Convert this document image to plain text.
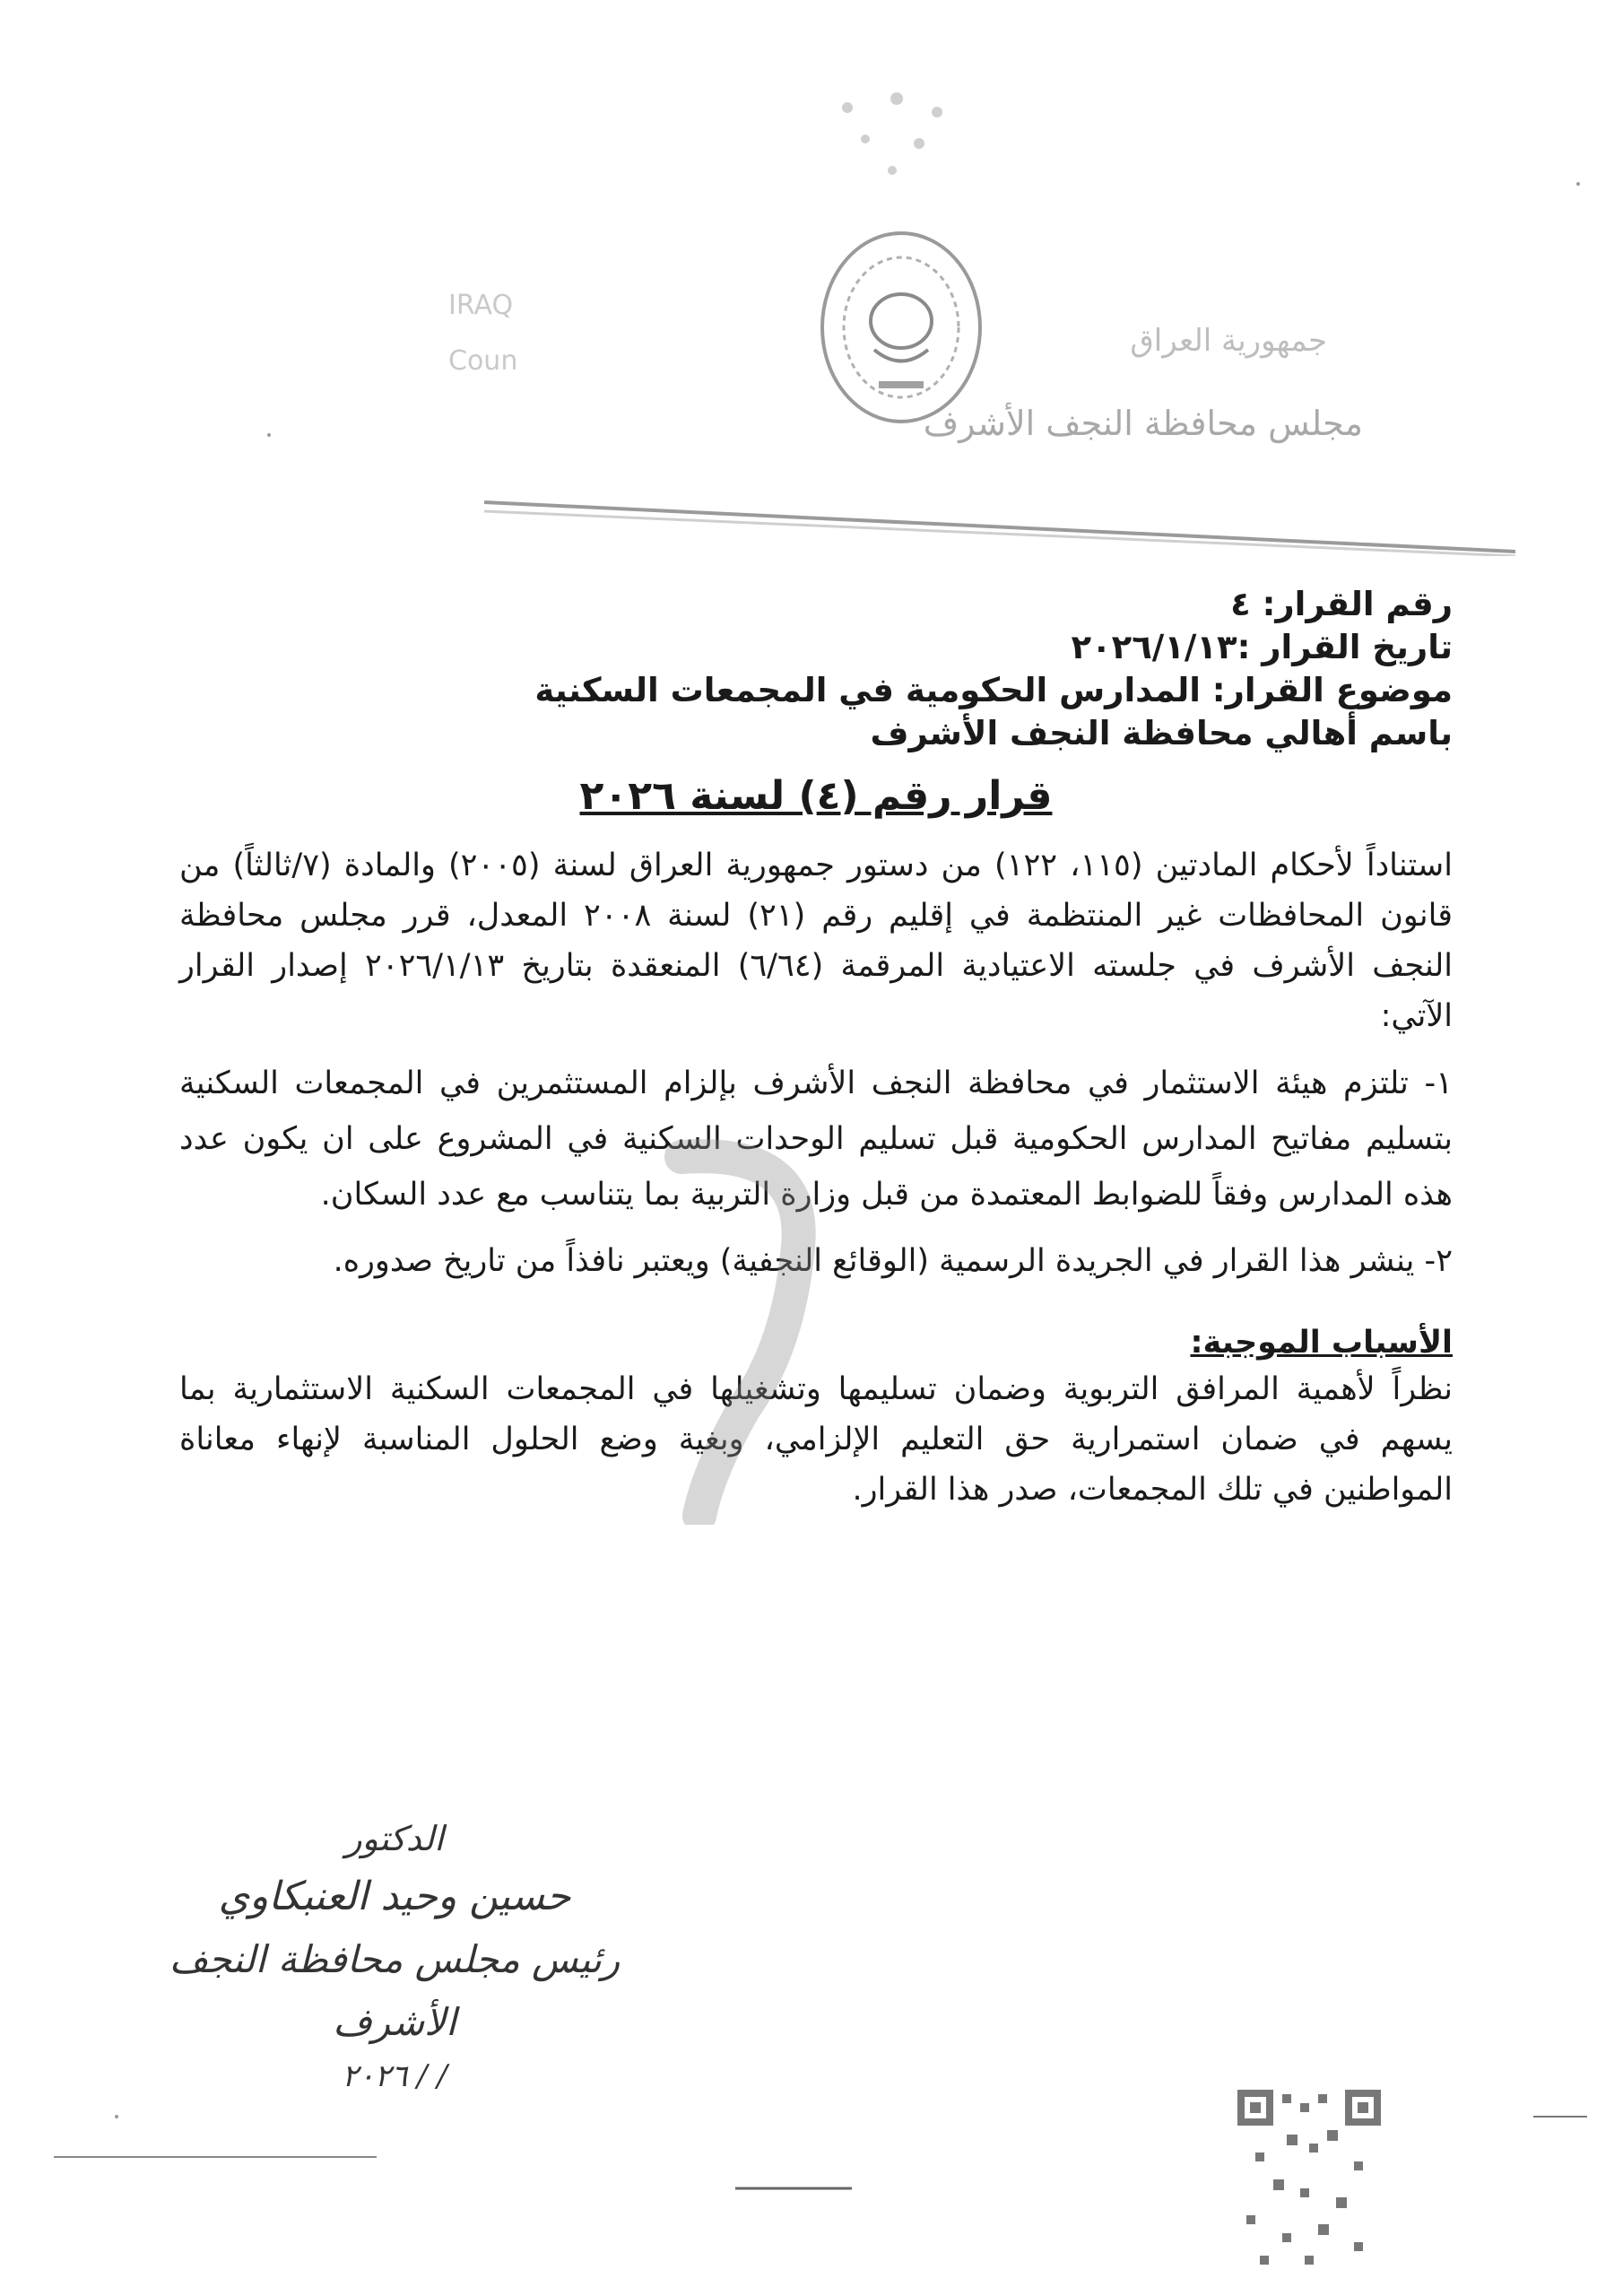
IRAQ
Coun
جمهورية العراق
مجلس محافظة النجف الأشرف

رقم القرار: ٤

تاريخ القرار :٢٠٢٦/١/١٣

موضوع القرار: المدارس الحكومية في المجمعات السكنية

باسم أهالي محافظة النجف الأشرف

قرار رقم (٤) لسنة ٢٠٢٦

استناداً لأحكام المادتين (١١٥، ١٢٢) من دستور جمهورية العراق لسنة (٢٠٠٥) والمادة (٧/ثالثاً) من قانون المحافظات غير المنتظمة في إقليم رقم (٢١) لسنة ٢٠٠٨ المعدل، قرر مجلس محافظة النجف الأشرف في جلسته الاعتيادية المرقمة (٦/٦٤) المنعقدة بتاريخ ٢٠٢٦/١/١٣ إصدار القرار الآتي:

١- تلتزم هيئة الاستثمار في محافظة النجف الأشرف بإلزام المستثمرين في المجمعات السكنية بتسليم مفاتيح المدارس الحكومية قبل تسليم الوحدات السكنية في المشروع على ان يكون عدد هذه المدارس وفقاً للضوابط المعتمدة من قبل وزارة التربية بما يتناسب مع عدد السكان.

٢- ينشر هذا القرار في الجريدة الرسمية (الوقائع النجفية) ويعتبر نافذاً من تاريخ صدوره.

الأسباب الموجبة:

نظراً لأهمية المرافق التربوية وضمان تسليمها وتشغيلها في المجمعات السكنية الاستثمارية بما يسهم في ضمان استمرارية حق التعليم الإلزامي، وبغية وضع الحلول المناسبة لإنهاء معاناة المواطنين في تلك المجمعات، صدر هذا القرار.

الدكتور
حسين وحيد العنبكاوي
رئيس مجلس محافظة النجف الأشرف
٢٠٢٦ / /
